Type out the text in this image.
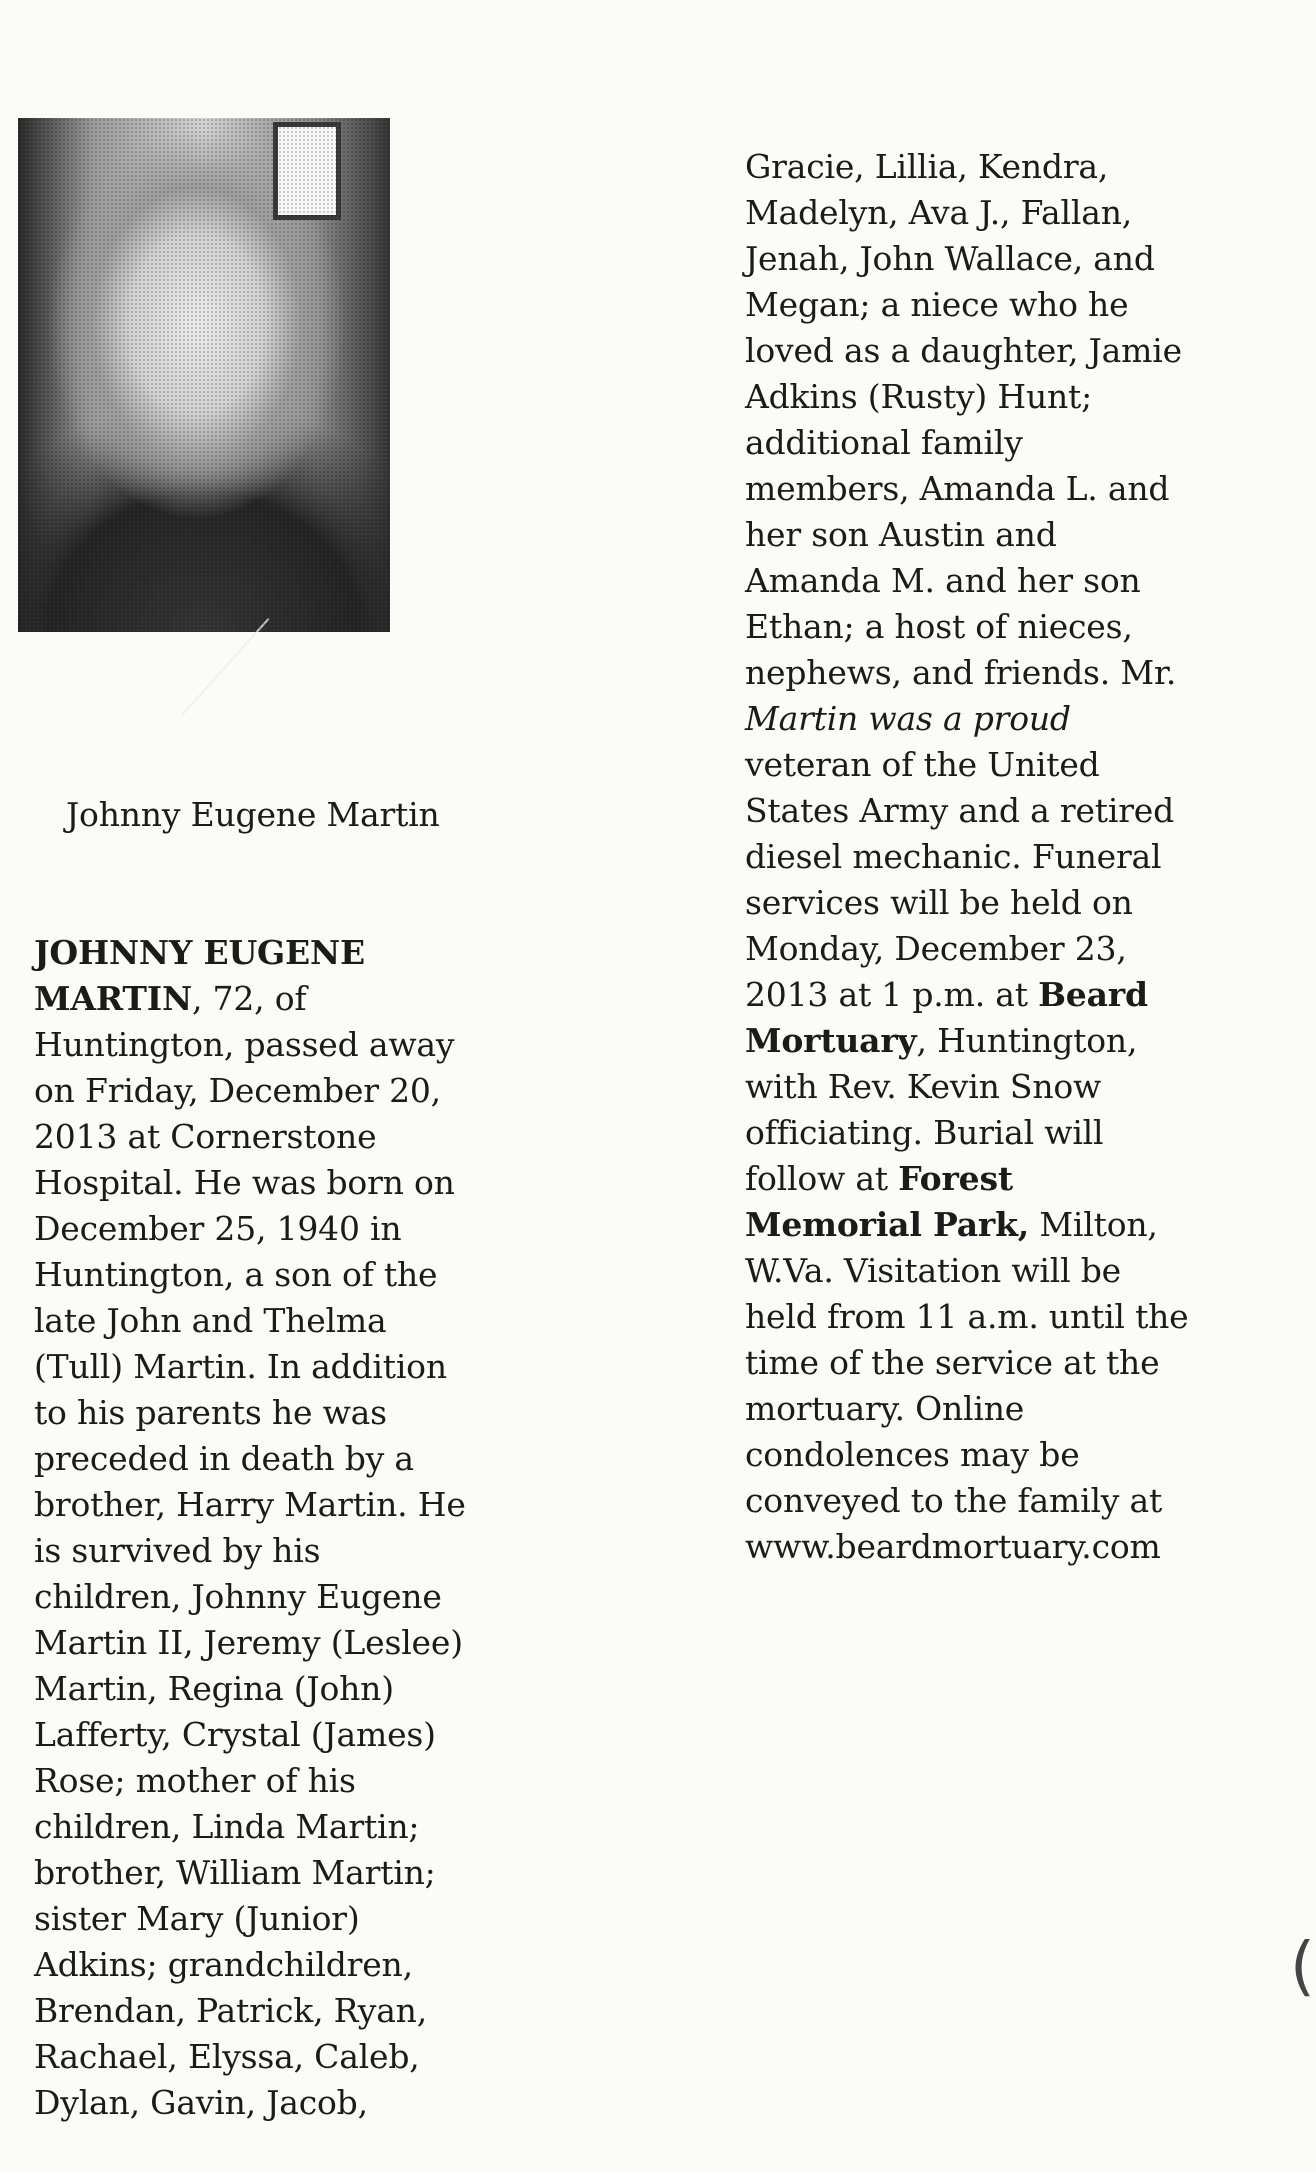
Johnny Eugene Martin

JOHNNY EUGENE
MARTIN, 72, of
Huntington, passed away
on Friday, December 20,
2013 at Cornerstone
Hospital. He was born on
December 25, 1940 in
Huntington, a son of the
late John and Thelma
(Tull) Martin. In addition
to his parents he was
preceded in death by a
brother, Harry Martin. He
is survived by his
children, Johnny Eugene
Martin II, Jeremy (Leslee)
Martin, Regina (John)
Lafferty, Crystal (James)
Rose; mother of his
children, Linda Martin;
brother, William Martin;
sister Mary (Junior)
Adkins; grandchildren,
Brendan, Patrick, Ryan,
Rachael, Elyssa, Caleb,
Dylan, Gavin, Jacob,

Gracie, Lillia, Kendra,
Madelyn, Ava J., Fallan,
Jenah, John Wallace, and
Megan; a niece who he
loved as a daughter, Jamie
Adkins (Rusty) Hunt;
additional family
members, Amanda L. and
her son Austin and
Amanda M. and her son
Ethan; a host of nieces,
nephews, and friends. Mr.
Martin was a proud
veteran of the United
States Army and a retired
diesel mechanic. Funeral
services will be held on
Monday, December 23,
2013 at 1 p.m. at Beard
Mortuary, Huntington,
with Rev. Kevin Snow
officiating. Burial will
follow at Forest
Memorial Park, Milton,
W.Va. Visitation will be
held from 11 a.m. until the
time of the service at the
mortuary. Online
condolences may be
conveyed to the family at
www.beardmortuary.com

(
